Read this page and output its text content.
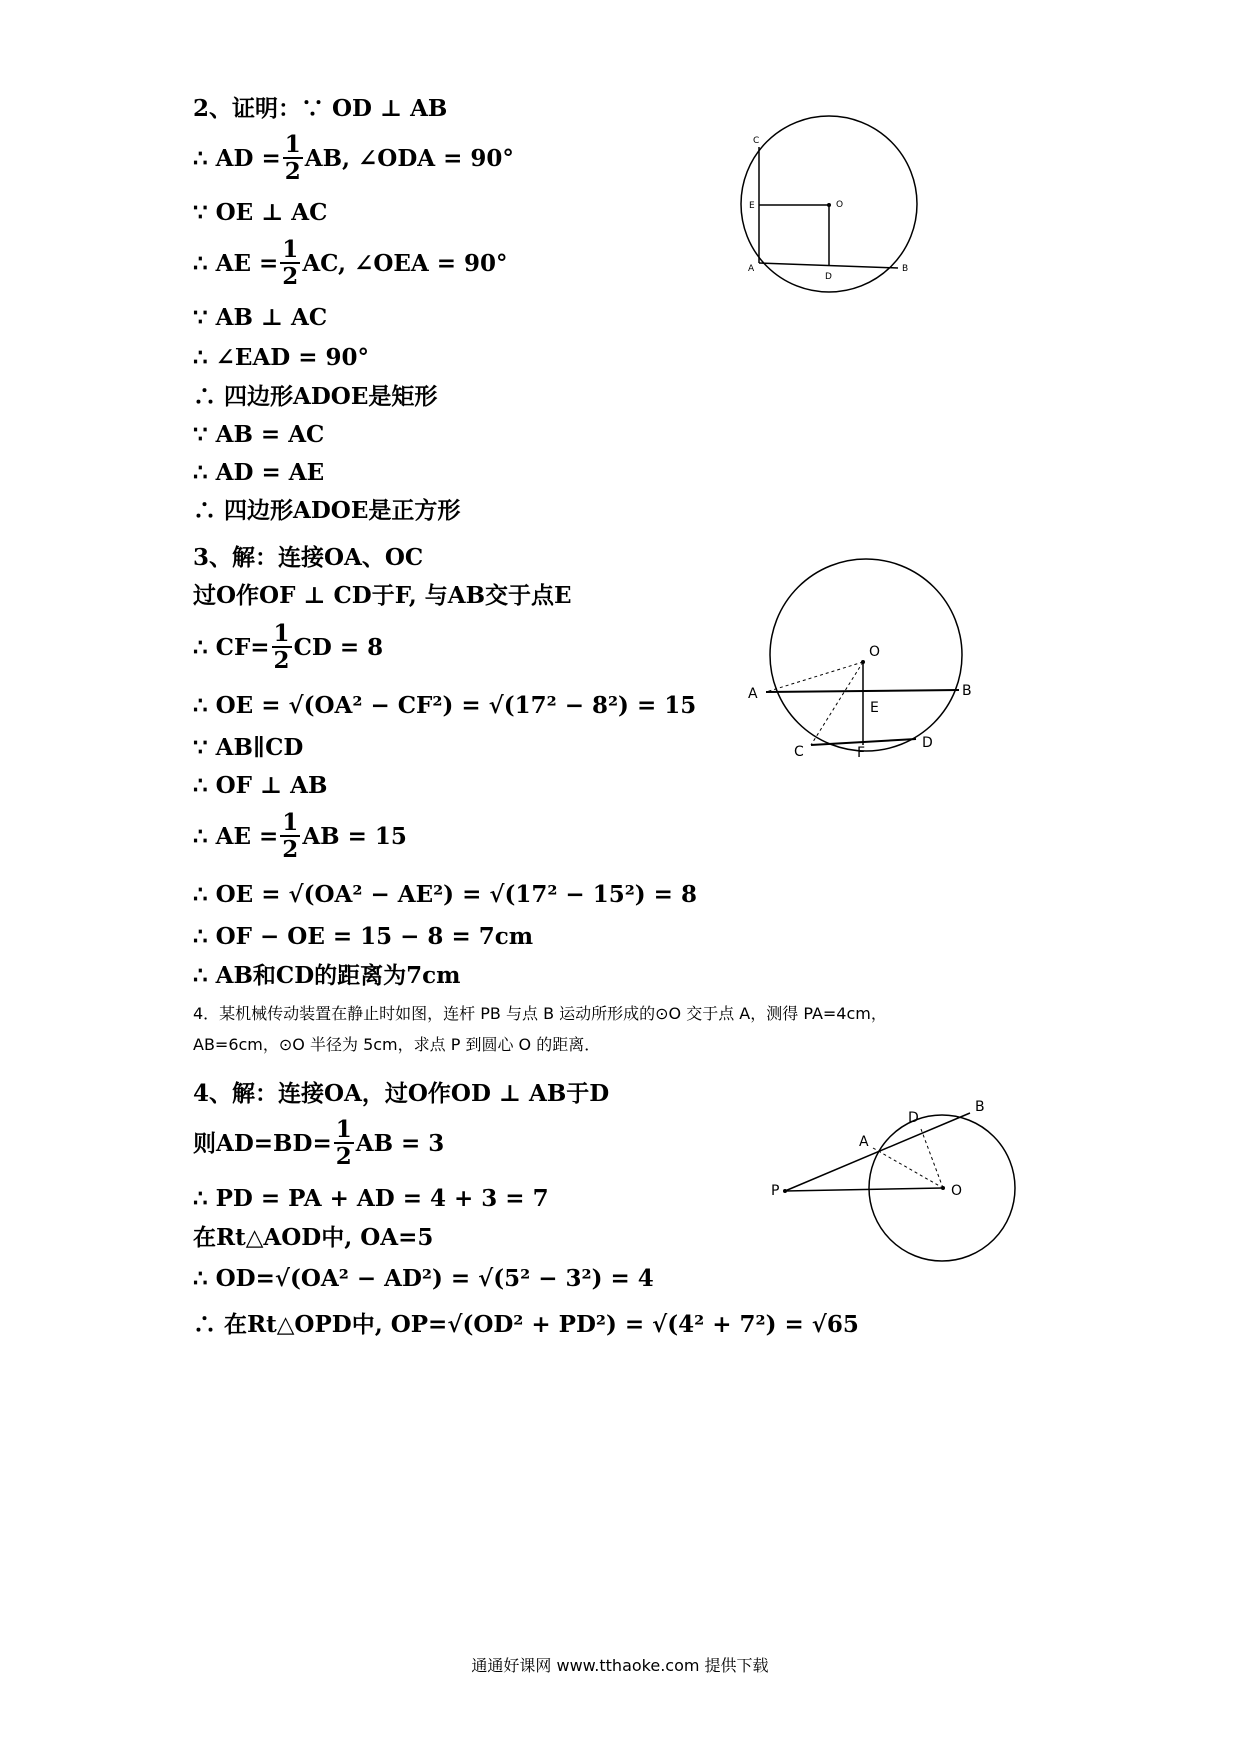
2、证明：∵ OD ⊥ AB
∴ AD = $\frac{1}{2}$ AB, ∠ODA = 90°
∵ OE ⊥ AC
∴ AE = $\frac{1}{2}$ AC, ∠OEA = 90°
∵ AB ⊥ AC
∴ ∠EAD = 90°
∴ 四边形ADOE是矩形
∵ AB = AC
∴ AD = AE
∴ 四边形ADOE是正方形
C
E	O
A
D
B
3、解：连接OA、OC
过O作OF ⊥ CD于F, 与AB交于点E
∴ $CF= \frac{1}{2}$ CD = 8
∴ OE = √(OA² − CF²) = √(17² − 8²) = 15
∵ AB∥CD
∴ OF ⊥ AB
∴ AE = $\frac{1}{2}$ AB = 15
∴ OE = √(OA² − AE²) = √(17² − 15²) = 8
∴ OF − OE = 15 − 8 = 7cm
∴ AB和CD的距离为7cm
O
A	B
E
C	F
D
4．某机械传动装置在静止时如图，连杆 PB 与点 B 运动所形成的⊙O 交于点 A，测得 PA=4cm，
AB=6cm，⊙O 半径为 5cm，求点 P 到圆心 O 的距离．
4、解：连接OA，过O作OD ⊥ AB于D
则$AD=BD= \frac{1}{2}$ AB = 3
∴ PD = PA + AD = 4 + 3 = 7
在Rt△AOD中, OA=5
∴ OD=√(OA² − AD²) = √(5² − 3²) = 4
∴ 在Rt△OPD中, OP=√(OD² + PD²) = √(4² + 7²) = √65
B
D
A
P	O
通通好课网 www.tthaoke.com 提供下载
